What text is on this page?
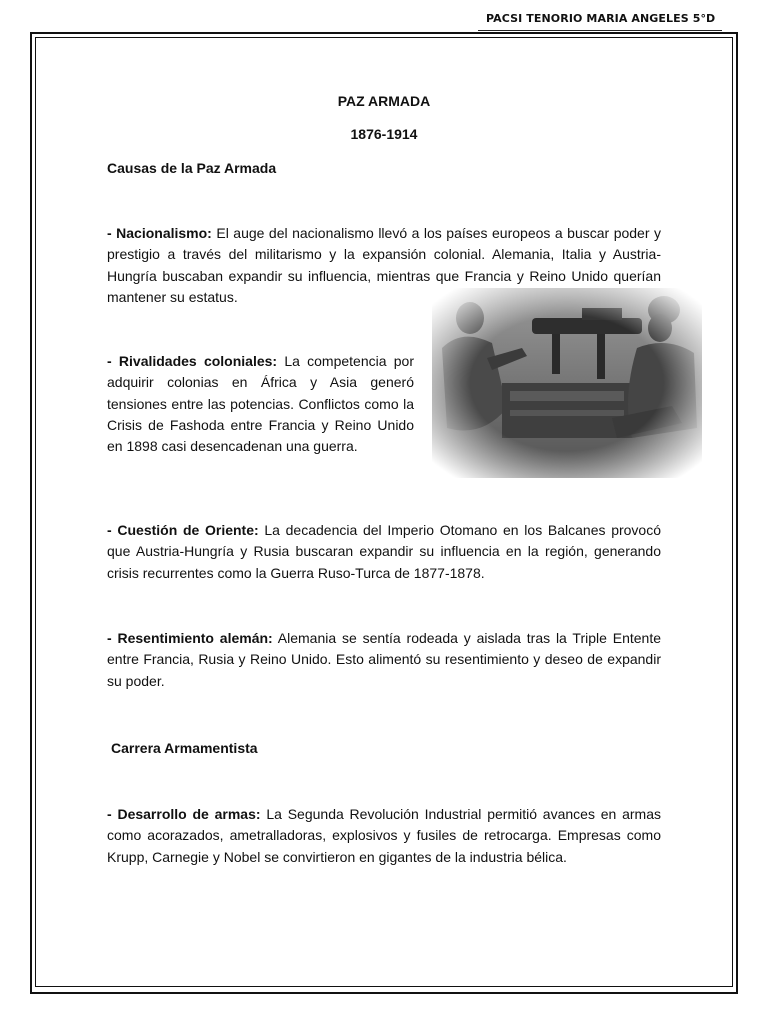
PACSI TENORIO MARIA ANGELES 5°D
PAZ ARMADA
1876-1914
Causas de la Paz Armada
- Nacionalismo: El auge del nacionalismo llevó a los países europeos a buscar poder y prestigio a través del militarismo y la expansión colonial. Alemania, Italia y Austria-Hungría buscaban expandir su influencia, mientras que Francia y Reino Unido querían mantener su estatus.
- Rivalidades coloniales: La competencia por adquirir colonias en África y Asia generó tensiones entre las potencias. Conflictos como la Crisis de Fashoda entre Francia y Reino Unido en 1898 casi desencadenan una guerra.
- Cuestión de Oriente: La decadencia del Imperio Otomano en los Balcanes provocó que Austria-Hungría y Rusia buscaran expandir su influencia en la región, generando crisis recurrentes como la Guerra Ruso-Turca de 1877-1878.
- Resentimiento alemán: Alemania se sentía rodeada y aislada tras la Triple Entente entre Francia, Rusia y Reino Unido. Esto alimentó su resentimiento y deseo de expandir su poder.
Carrera Armamentista
- Desarrollo de armas: La Segunda Revolución Industrial permitió avances en armas como acorazados, ametralladoras, explosivos y fusiles de retrocarga. Empresas como Krupp, Carnegie y Nobel se convirtieron en gigantes de la industria bélica.
